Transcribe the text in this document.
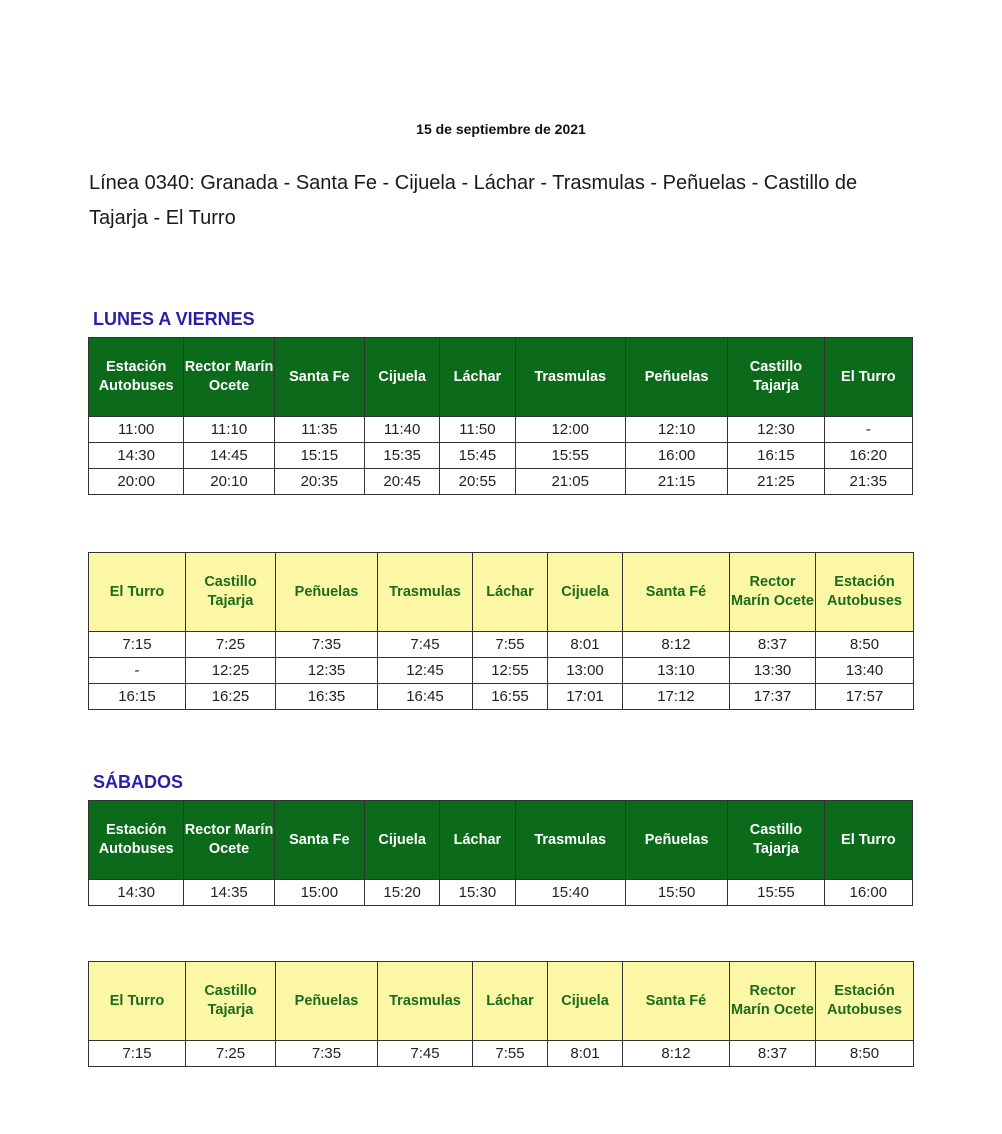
15 de septiembre de 2021
Línea 0340: Granada - Santa Fe - Cijuela - Láchar - Trasmulas - Peñuelas - Castillo de Tajarja - El Turro
LUNES A VIERNES
Estación Autobuses	Rector Marín Ocete	Santa Fe	Cijuela	Láchar	Trasmulas	Peñuelas	Castillo Tajarja	El Turro
11:00	11:10	11:35	11:40	11:50	12:00	12:10	12:30	-
14:30	14:45	15:15	15:35	15:45	15:55	16:00	16:15	16:20
20:00	20:10	20:35	20:45	20:55	21:05	21:15	21:25	21:35
El Turro	Castillo Tajarja	Peñuelas	Trasmulas	Láchar	Cijuela	Santa Fé	Rector Marín Ocete	Estación Autobuses
7:15	7:25	7:35	7:45	7:55	8:01	8:12	8:37	8:50
-	12:25	12:35	12:45	12:55	13:00	13:10	13:30	13:40
16:15	16:25	16:35	16:45	16:55	17:01	17:12	17:37	17:57
SÁBADOS
Estación Autobuses	Rector Marín Ocete	Santa Fe	Cijuela	Láchar	Trasmulas	Peñuelas	Castillo Tajarja	El Turro
14:30	14:35	15:00	15:20	15:30	15:40	15:50	15:55	16:00
El Turro	Castillo Tajarja	Peñuelas	Trasmulas	Láchar	Cijuela	Santa Fé	Rector Marín Ocete	Estación Autobuses
7:15	7:25	7:35	7:45	7:55	8:01	8:12	8:37	8:50
